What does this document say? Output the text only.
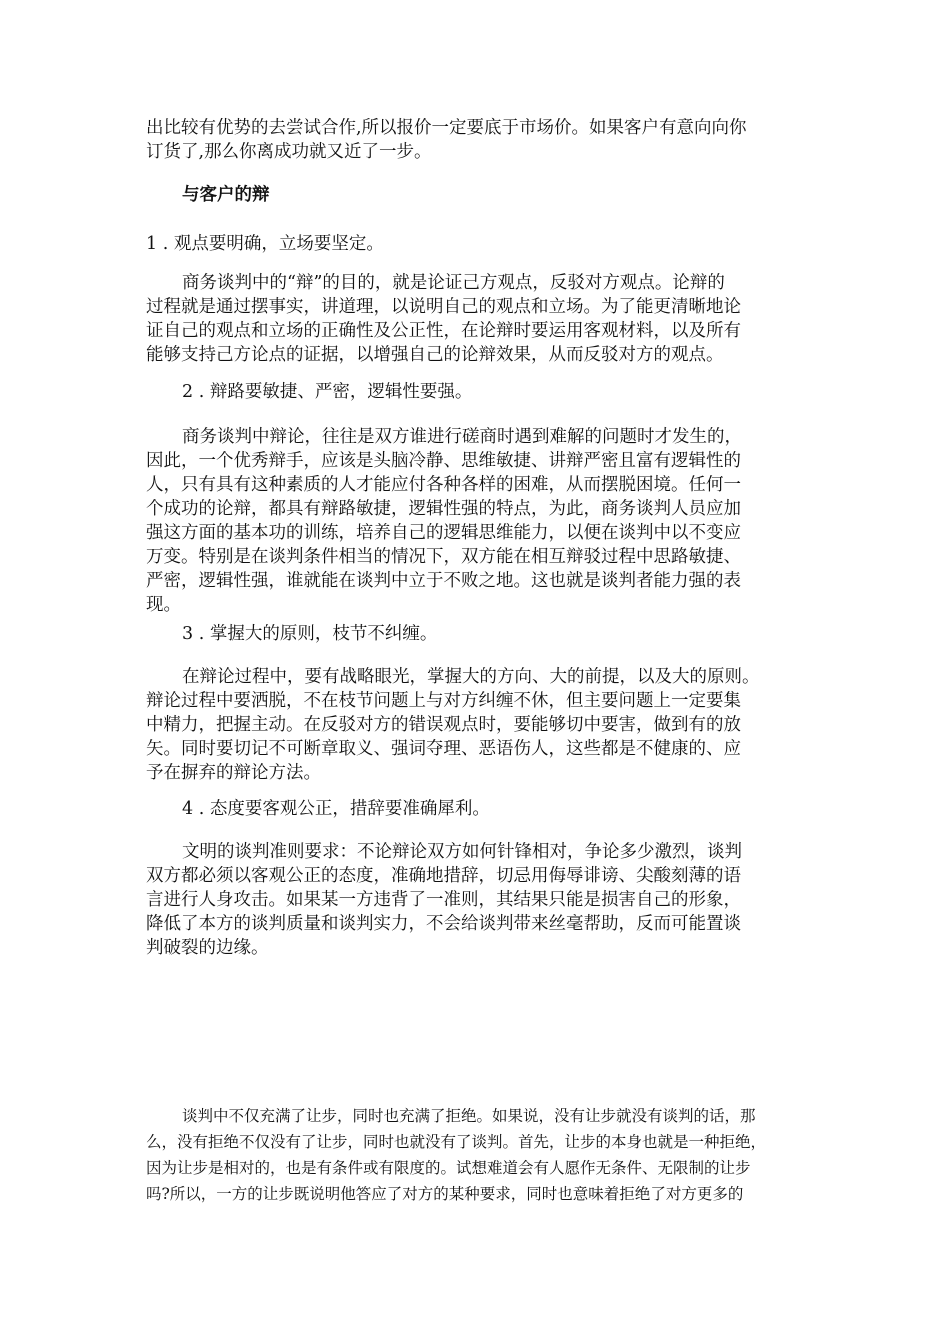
出比较有优势的去尝试合作,所以报价一定要底于市场价。如果客户有意向向你
订货了,那么你离成功就又近了一步。

与客户的辩

1 . 观点要明确，立场要坚定。

商务谈判中的“辩”的目的，就是论证己方观点，反驳对方观点。论辩的
过程就是通过摆事实，讲道理，以说明自己的观点和立场。为了能更清晰地论
证自己的观点和立场的正确性及公正性，在论辩时要运用客观材料，以及所有
能够支持己方论点的证据，以增强自己的论辩效果，从而反驳对方的观点。

2 . 辩路要敏捷、严密，逻辑性要强。

商务谈判中辩论，往往是双方谁进行磋商时遇到难解的问题时才发生的，
因此，一个优秀辩手，应该是头脑冷静、思维敏捷、讲辩严密且富有逻辑性的
人，只有具有这种素质的人才能应付各种各样的困难，从而摆脱困境。任何一
个成功的论辩，都具有辩路敏捷，逻辑性强的特点，为此，商务谈判人员应加
强这方面的基本功的训练，培养自己的逻辑思维能力，以便在谈判中以不变应
万变。特别是在谈判条件相当的情况下，双方能在相互辩驳过程中思路敏捷、
严密，逻辑性强，谁就能在谈判中立于不败之地。这也就是谈判者能力强的表
现。

3 . 掌握大的原则，枝节不纠缠。

在辩论过程中，要有战略眼光，掌握大的方向、大的前提，以及大的原则。
辩论过程中要洒脱，不在枝节问题上与对方纠缠不休，但主要问题上一定要集
中精力，把握主动。在反驳对方的错误观点时，要能够切中要害，做到有的放
矢。同时要切记不可断章取义、强词夺理、恶语伤人，这些都是不健康的、应
予在摒弃的辩论方法。

4 . 态度要客观公正，措辞要准确犀利。

文明的谈判准则要求：不论辩论双方如何针锋相对，争论多少激烈，谈判
双方都必须以客观公正的态度，准确地措辞，切忌用侮辱诽谤、尖酸刻薄的语
言进行人身攻击。如果某一方违背了一准则，其结果只能是损害自己的形象，
降低了本方的谈判质量和谈判实力，不会给谈判带来丝毫帮助，反而可能置谈
判破裂的边缘。

谈判中不仅充满了让步，同时也充满了拒绝。如果说，没有让步就没有谈判的话，那
么，没有拒绝不仅没有了让步，同时也就没有了谈判。首先，让步的本身也就是一种拒绝，
因为让步是相对的，也是有条件或有限度的。试想难道会有人愿作无条件、无限制的让步
吗?所以，一方的让步既说明他答应了对方的某种要求，同时也意味着拒绝了对方更多的
